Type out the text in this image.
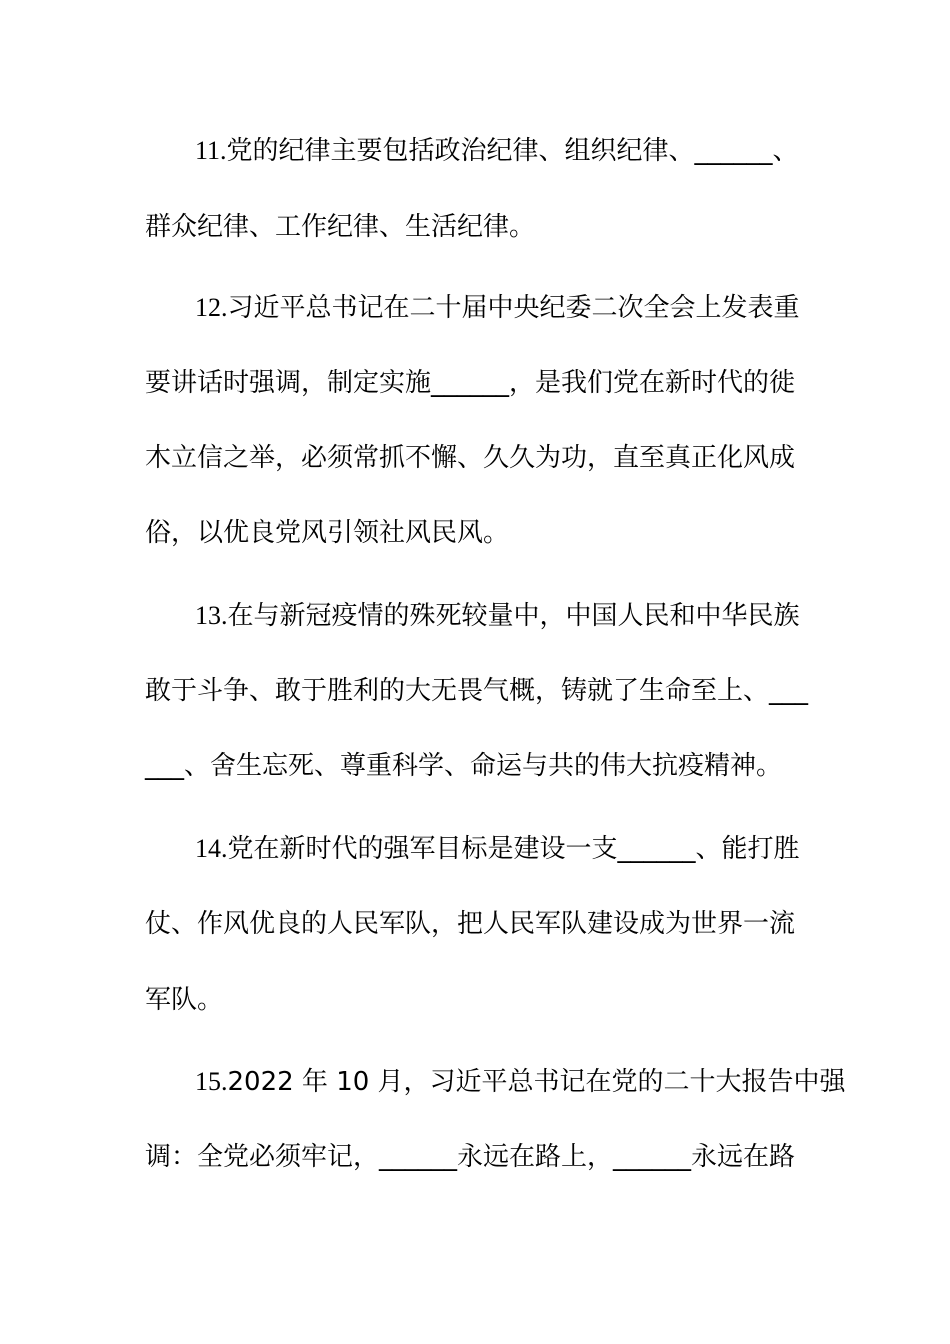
11.党的纪律主要包括政治纪律、组织纪律、______、

群众纪律、工作纪律、生活纪律。

12.习近平总书记在二十届中央纪委二次全会上发表重

要讲话时强调，制定实施______，是我们党在新时代的徙

木立信之举，必须常抓不懈、久久为功，直至真正化风成

俗，以优良党风引领社风民风。

13.在与新冠疫情的殊死较量中，中国人民和中华民族

敢于斗争、敢于胜利的大无畏气概，铸就了生命至上、___

___、舍生忘死、尊重科学、命运与共的伟大抗疫精神。

14.党在新时代的强军目标是建设一支______、能打胜

仗、作风优良的人民军队，把人民军队建设成为世界一流

军队。

15.2022 年 10 月，习近平总书记在党的二十大报告中强

调：全党必须牢记，______永远在路上，______永远在路
